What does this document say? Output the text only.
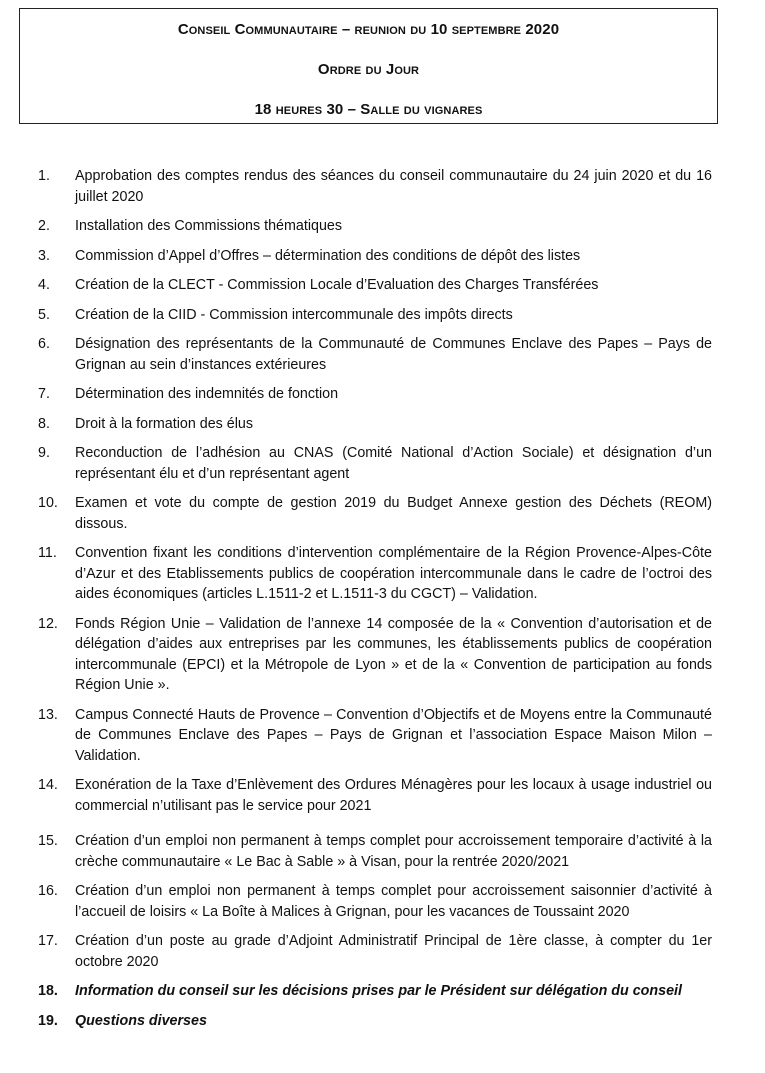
Conseil Communautaire – reunion du 10 septembre 2020
Ordre du Jour
18 heures 30 – Salle du vignares
1.	Approbation des comptes rendus des séances du conseil communautaire du 24 juin 2020 et du 16 juillet 2020
2.	Installation des Commissions thématiques
3.	Commission d’Appel d’Offres – détermination des conditions de dépôt des listes
4.	Création de la CLECT - Commission Locale d’Evaluation des Charges Transférées
5.	Création de la CIID - Commission intercommunale des impôts directs
6.	Désignation des représentants de la Communauté de Communes Enclave des Papes – Pays de Grignan au sein d’instances extérieures
7.	Détermination des indemnités de fonction
8.	Droit à la formation des élus
9.	Reconduction de l’adhésion au CNAS (Comité National d’Action Sociale) et désignation d’un représentant élu et d’un représentant agent
10.	Examen et vote du compte de gestion 2019 du Budget Annexe gestion des Déchets (REOM) dissous.
11.	Convention fixant les conditions d’intervention complémentaire de la Région Provence-Alpes-Côte d’Azur et des Etablissements publics de coopération intercommunale dans le cadre de l’octroi des aides économiques (articles L.1511-2 et L.1511-3 du CGCT) – Validation.
12.	Fonds Région Unie – Validation de l’annexe 14 composée de la « Convention d’autorisation et de délégation d’aides aux entreprises par les communes, les établissements publics de coopération intercommunale (EPCI) et la Métropole de Lyon » et de la « Convention de participation au fonds Région Unie ».
13.	Campus Connecté Hauts de Provence – Convention d’Objectifs et de Moyens entre la Communauté de Communes Enclave des Papes – Pays de Grignan et l’association Espace Maison Milon – Validation.
14.	Exonération de la Taxe d’Enlèvement des Ordures Ménagères pour les locaux à usage industriel ou commercial n’utilisant pas le service pour 2021
15.	Création d’un emploi non permanent à temps complet pour accroissement temporaire d’activité à la crèche communautaire « Le Bac à Sable » à Visan, pour la rentrée 2020/2021
16.	Création d’un emploi non permanent à temps complet pour accroissement saisonnier d’activité à l’accueil de loisirs « La Boîte à Malices à Grignan, pour les vacances de Toussaint 2020
17.	Création d’un poste au grade d’Adjoint Administratif Principal de 1ère classe, à compter du 1er octobre 2020
18.	Information du conseil sur les décisions prises par le Président sur délégation du conseil
19.	Questions diverses
